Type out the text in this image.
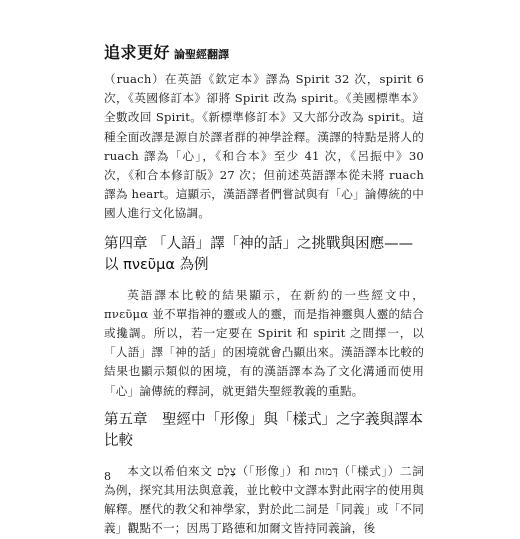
追求更好 論聖經翻譯

（ruach）在英語《欽定本》譯為 Spirit 32 次，spirit 6 次，《英國修訂本》卻將 Spirit 改為 spirit。《美國標準本》全數改回 Spirit。《新標準修訂本》又大部分改為 spirit。這種全面改譯是源自於譯者群的神學詮釋。漢譯的特點是將人的 ruach 譯為「心」，《和合本》至少 41 次，《呂振中》30 次，《和合本修訂版》27 次；但前述英語譯本從未將 ruach 譯為 heart。這顯示，漢語譯者們嘗試與有「心」論傳統的中國人進行文化協調。

第四章 「人語」譯「神的話」之挑戰與困應—— 以 πνεῦμα 為例

英語譯本比較的結果顯示，在新約的一些經文中，πνεῦμα 並不單指神的靈或人的靈，而是指神靈與人靈的結合或攙調。所以，若一定要在 Spirit 和 spirit 之間擇一，以「人語」譯「神的話」的困境就會凸顯出來。漢語譯本比較的結果也顯示類似的困境，有的漢語譯本為了文化溝通而使用「心」論傳統的釋詞，就更錯失聖經教義的重點。

第五章　聖經中「形像」與「樣式」之字義與譯本比較

本文以希伯來文 צֶלֶם（「形像」）和 דְּמוּת（「樣式」）二詞為例，探究其用法與意義，並比較中文譯本對此兩字的使用與解釋。歷代的教父和神學家，對於此二詞是「同義」或「不同義」觀點不一；因馬丁路德和加爾文皆持同義論，後

8
